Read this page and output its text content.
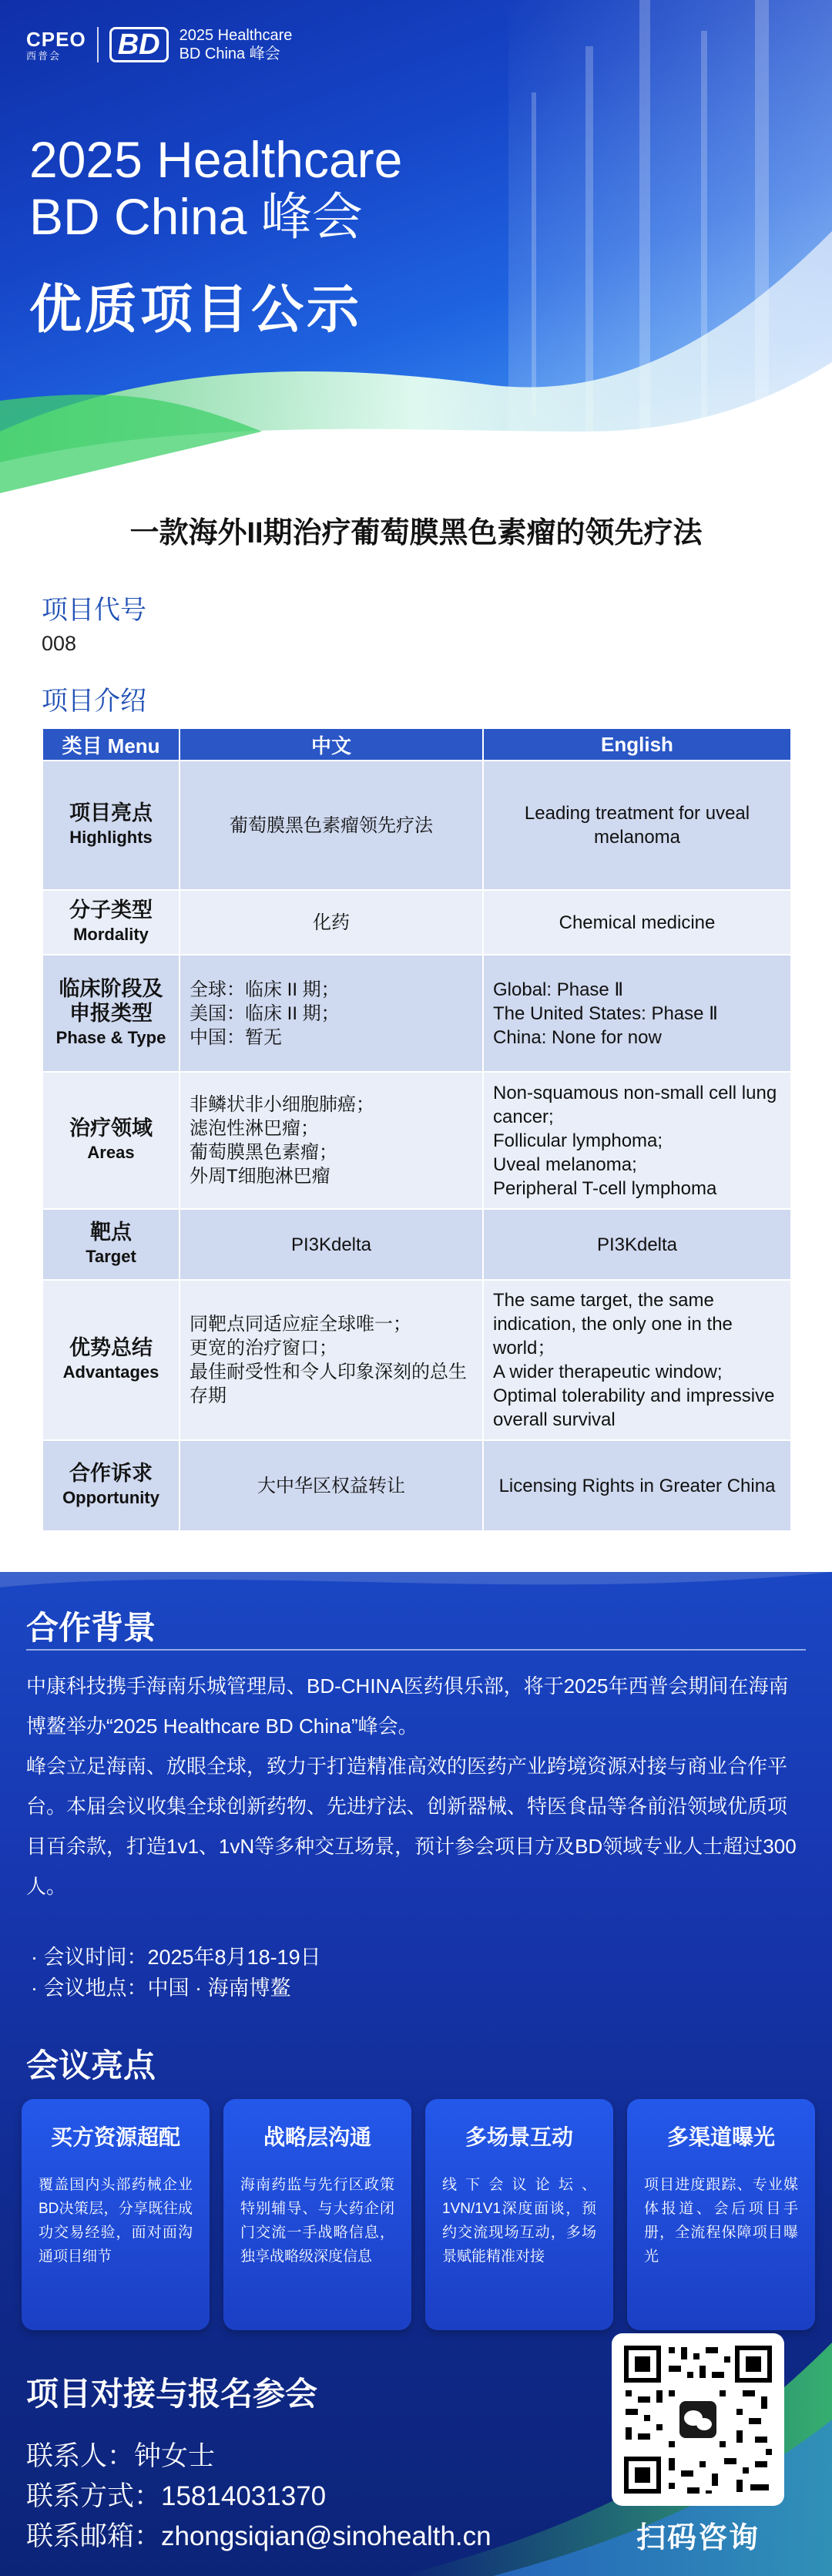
CPEO
西普会	BD	2025 Healthcare
BD China 峰会
2025 Healthcare
BD China 峰会
优质项目公示
一款海外II期治疗葡萄膜黑色素瘤的领先疗法
项目代号
008
项目介绍
类目 Menu	中文	English
项目亮点
Highlights	葡萄膜黑色素瘤领先疗法	Leading treatment for uveal melanoma
分子类型
Mordality	化药	Chemical medicine
临床阶段及申报类型
Phase & Type	全球：临床 II 期；
美国：临床 II 期；
中国：暂无	Global: Phase Ⅱ
The United States: Phase Ⅱ
China: None for now
治疗领域
Areas	非鳞状非小细胞肺癌；
滤泡性淋巴瘤；
葡萄膜黑色素瘤；
外周T细胞淋巴瘤	Non-squamous non-small cell lung cancer;
Follicular lymphoma;
Uveal melanoma;
Peripheral T-cell lymphoma
靶点
Target	PI3Kdelta	PI3Kdelta
优势总结
Advantages	同靶点同适应症全球唯一；
更宽的治疗窗口；
最佳耐受性和令人印象深刻的总生存期	The same target, the same indication, the only one in the world；
A wider therapeutic window;
Optimal tolerability and impressive overall survival
合作诉求
Opportunity	大中华区权益转让	Licensing Rights in Greater China
合作背景
中康科技携手海南乐城管理局、BD-CHINA医药俱乐部，将于2025年西普会期间在海南博鳌举办“2025 Healthcare BD China”峰会。
峰会立足海南、放眼全球，致力于打造精准高效的医药产业跨境资源对接与商业合作平台。本届会议收集全球创新药物、先进疗法、创新器械、特医食品等各前沿领域优质项目百余款，打造1v1、1vN等多种交互场景，预计参会项目方及BD领域专业人士超过300人。
· 会议时间：2025年8月18-19日
· 会议地点：中国 · 海南博鳌
会议亮点
买方资源超配
覆盖国内头部药械企业BD决策层，分享既往成功交易经验，面对面沟通项目细节
战略层沟通
海南药监与先行区政策特别辅导、与大药企闭门交流一手战略信息，独享战略级深度信息
多场景互动
线下会议论坛、1VN/1V1深度面谈，预约交流现场互动，多场景赋能精准对接
多渠道曝光
项目进度跟踪、专业媒体报道、会后项目手册，全流程保障项目曝光
项目对接与报名参会
联系人：钟女士
联系方式：15814031370
联系邮箱：zhongsiqian@sinohealth.cn	扫码咨询
